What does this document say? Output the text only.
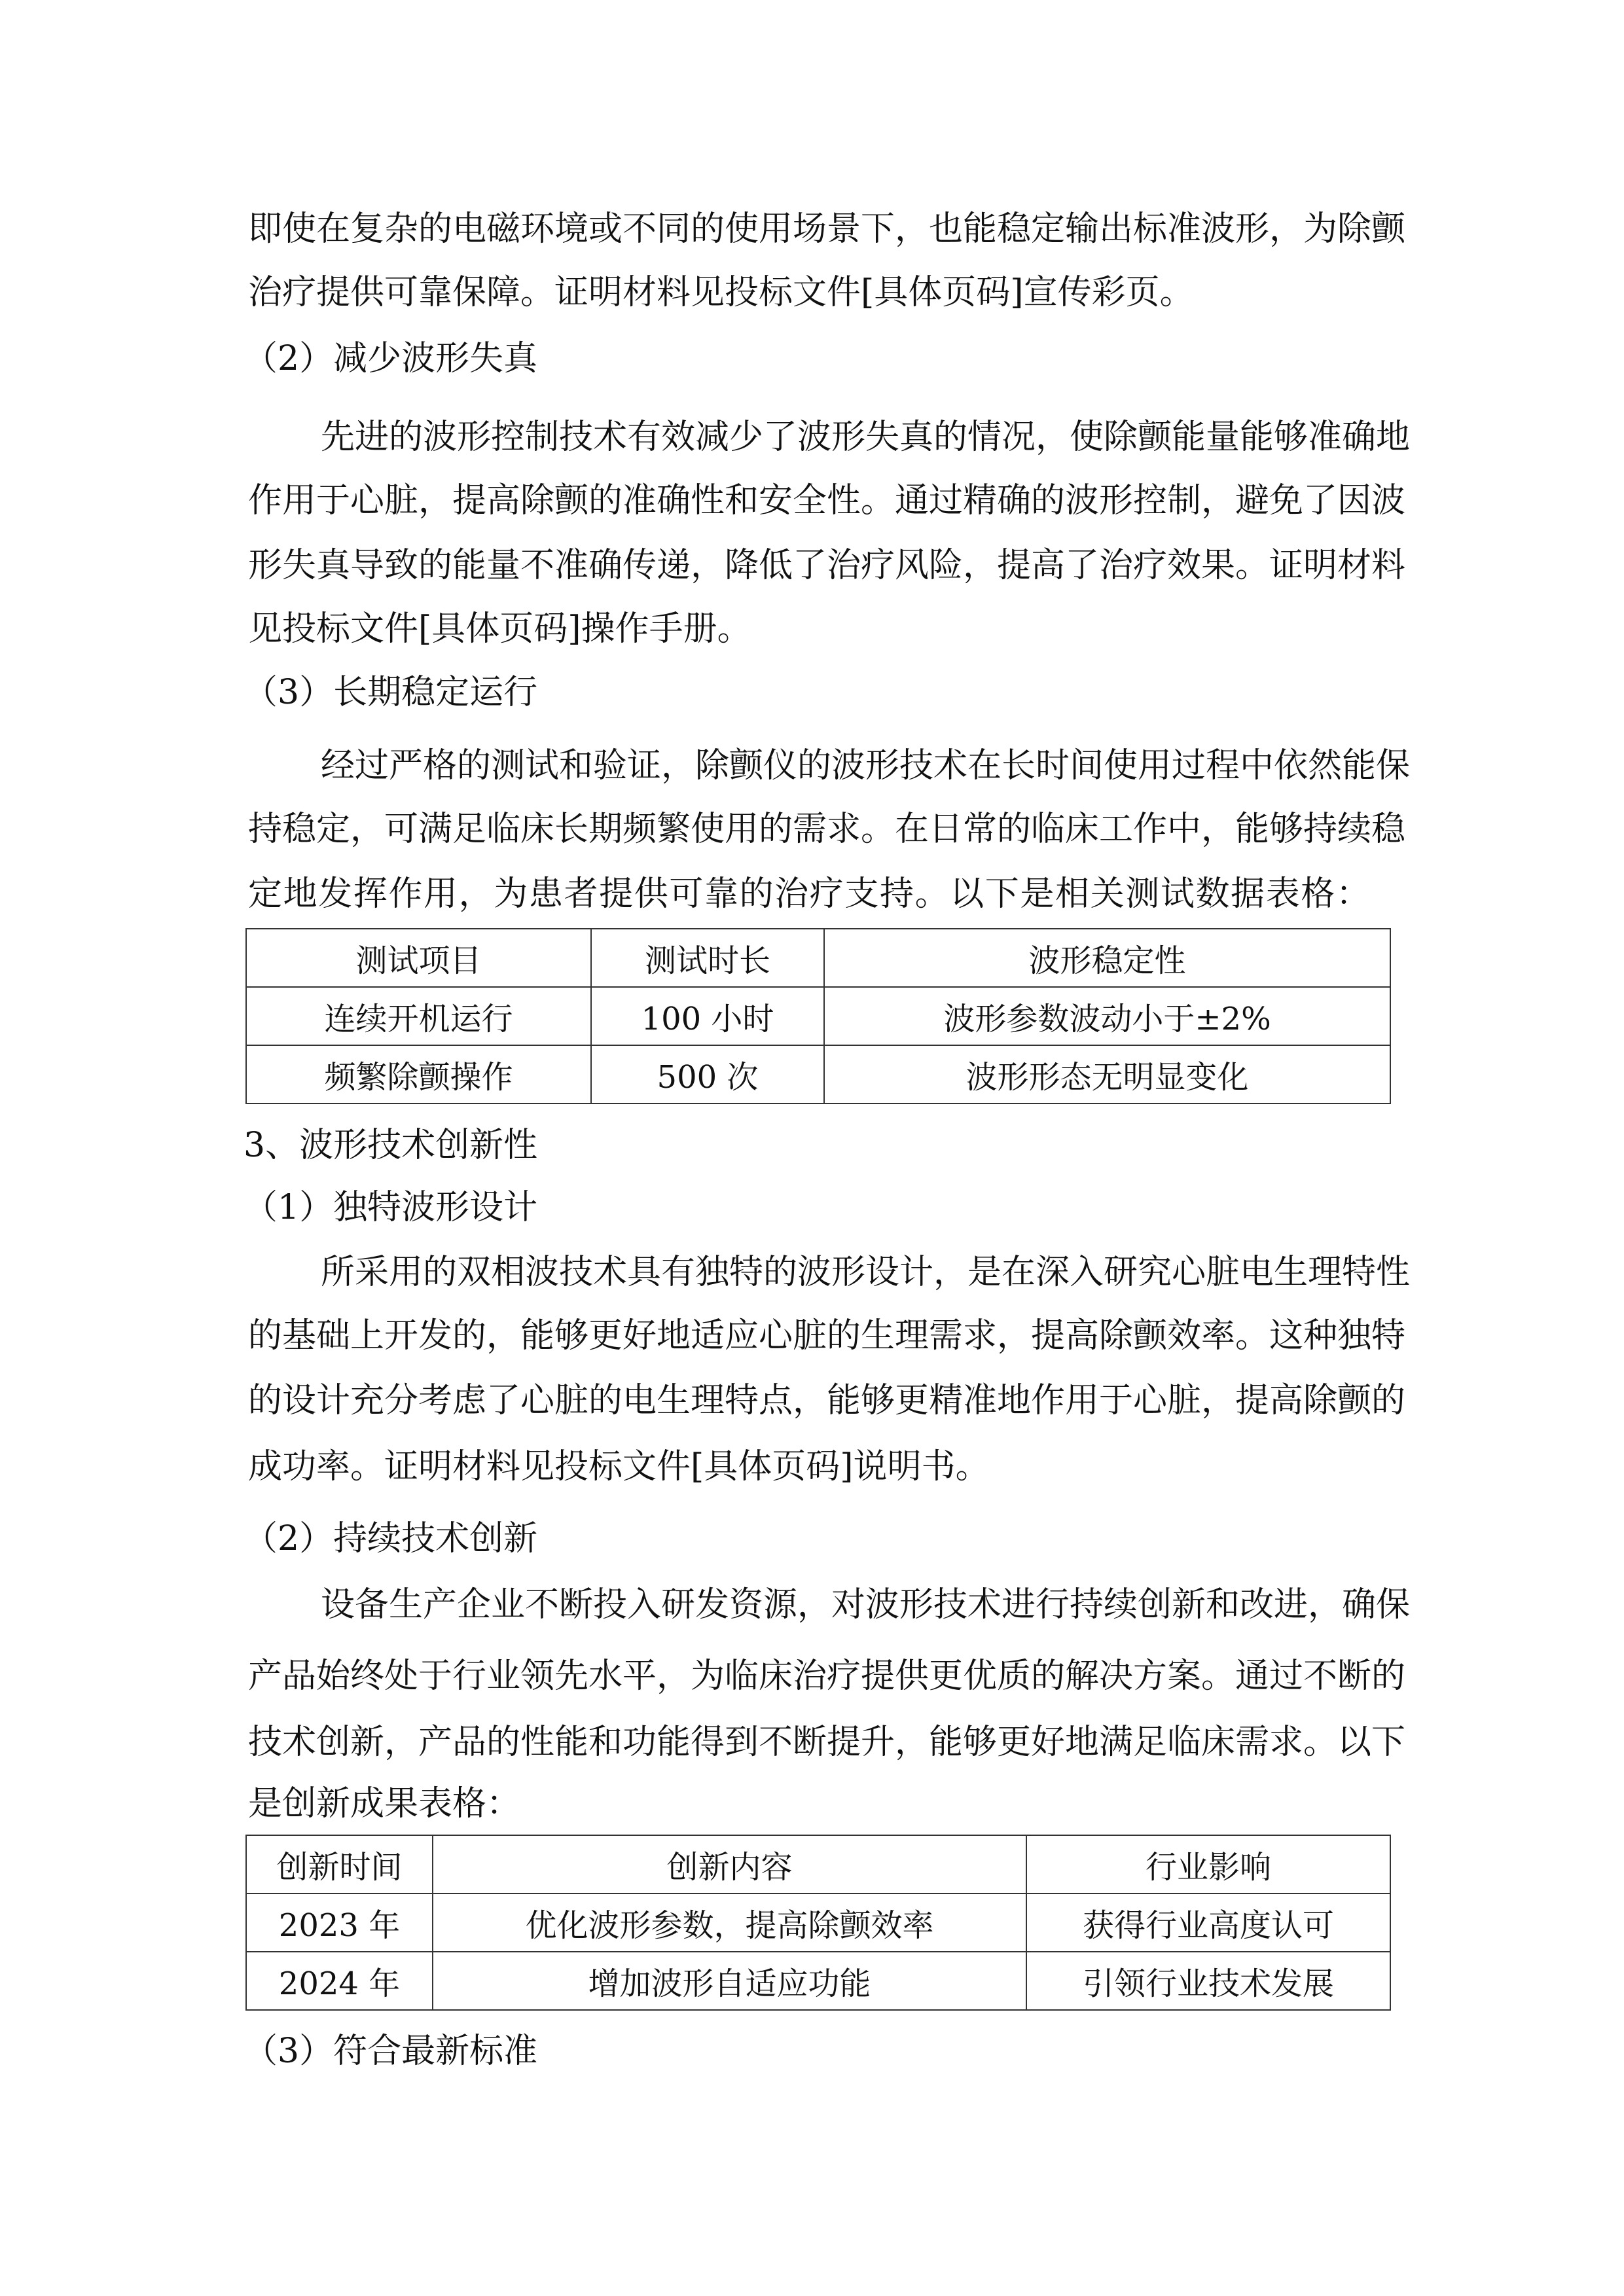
即使在复杂的电磁环境或不同的使用场景下，也能稳定输出标准波形，为除颤
治疗提供可靠保障。证明材料见投标文件[具体页码]宣传彩页。
（2）减少波形失真
先进的波形控制技术有效减少了波形失真的情况，使除颤能量能够准确地
作用于心脏，提高除颤的准确性和安全性。通过精确的波形控制，避免了因波
形失真导致的能量不准确传递，降低了治疗风险，提高了治疗效果。证明材料
见投标文件[具体页码]操作手册。
（3）长期稳定运行
经过严格的测试和验证，除颤仪的波形技术在长时间使用过程中依然能保
持稳定，可满足临床长期频繁使用的需求。在日常的临床工作中，能够持续稳
定地发挥作用，为患者提供可靠的治疗支持。以下是相关测试数据表格：
测试项目	测试时长	波形稳定性
连续开机运行	100 小时	波形参数波动小于±2%
频繁除颤操作	500 次	波形形态无明显变化
3、波形技术创新性
（1）独特波形设计
所采用的双相波技术具有独特的波形设计，是在深入研究心脏电生理特性
的基础上开发的，能够更好地适应心脏的生理需求，提高除颤效率。这种独特
的设计充分考虑了心脏的电生理特点，能够更精准地作用于心脏，提高除颤的
成功率。证明材料见投标文件[具体页码]说明书。
（2）持续技术创新
设备生产企业不断投入研发资源，对波形技术进行持续创新和改进，确保
产品始终处于行业领先水平，为临床治疗提供更优质的解决方案。通过不断的
技术创新，产品的性能和功能得到不断提升，能够更好地满足临床需求。以下
是创新成果表格：
创新时间	创新内容	行业影响
2023 年	优化波形参数，提高除颤效率	获得行业高度认可
2024 年	增加波形自适应功能	引领行业技术发展
（3）符合最新标准
